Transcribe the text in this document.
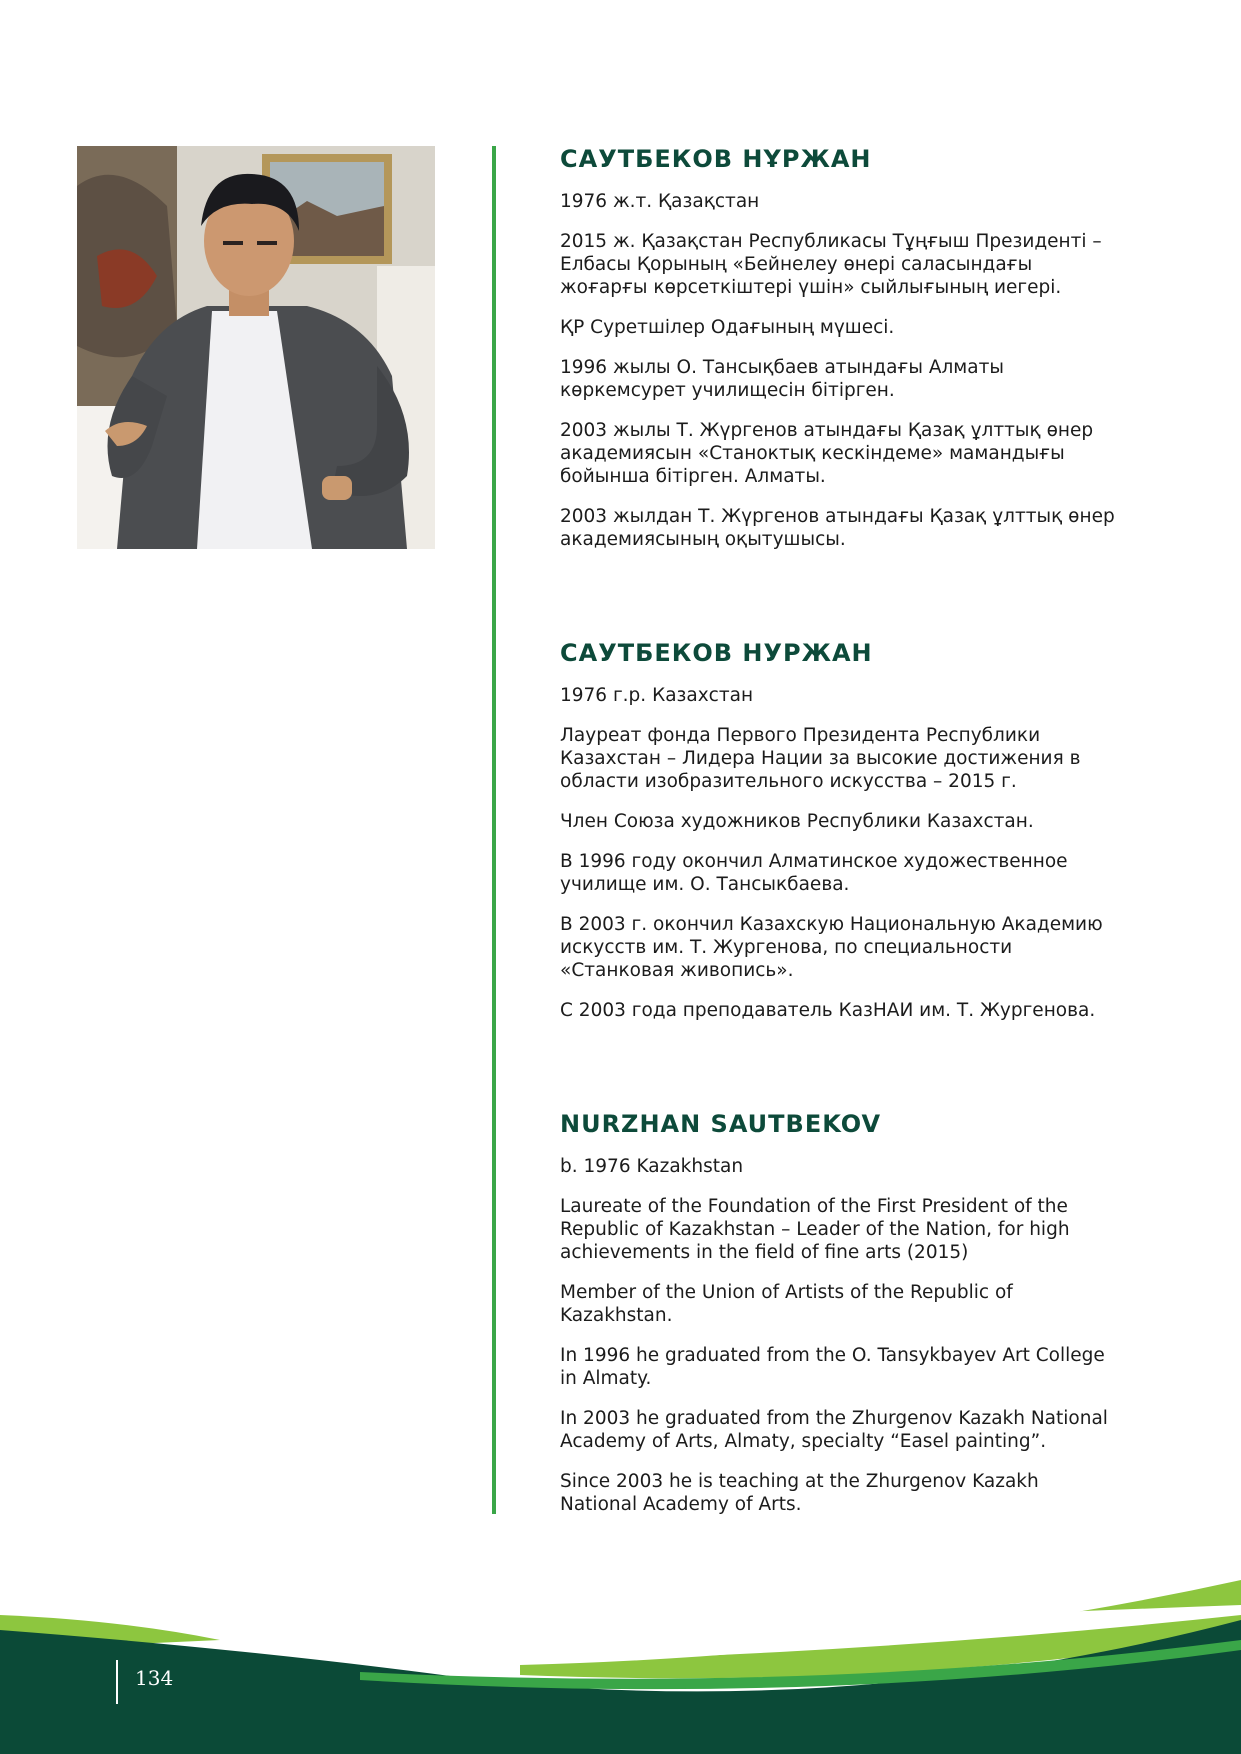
САУТБЕКОВ НҰРЖАН

1976 ж.т. Қазақстан

2015 ж. Қазақстан Республикасы Тұңғыш Президенті – Елбасы Қорының «Бейнелеу өнері саласындағы жоғарғы көрсеткіштері үшін» сыйлығының иегері.

ҚР Суретшілер Одағының мүшесі.

1996 жылы О. Тансықбаев атындағы Алматы көркемсурет училищесін бітірген.

2003 жылы Т. Жүргенов атындағы Қазақ ұлттық өнер академиясын «Станоктық кескіндеме» мамандығы бойынша бітірген. Алматы.

2003 жылдан Т. Жүргенов атындағы Қазақ ұлттық өнер академиясының оқытушысы.

САУТБЕКОВ НУРЖАН

1976 г.р. Казахстан

Лауреат фонда Первого Президента Республики Казахстан – Лидера Нации за высокие достижения в области изобразительного искусства – 2015 г.

Член Союза художников Республики Казахстан.

В 1996 году окончил Алматинское художественное училище им. О. Тансыкбаева.

В 2003 г. окончил Казахскую Национальную Академию искусств им. Т. Жургенова, по специальности «Станковая живопись».

С 2003 года преподаватель КазНАИ им. Т. Жургенова.

NURZHAN SAUTBEKOV

b. 1976 Kazakhstan

Laureate of the Foundation of the First President of the Republic of Kazakhstan – Leader of the Nation, for high achievements in the field of fine arts (2015)

Member of the Union of Artists of the Republic of Kazakhstan.

In 1996 he graduated from the O. Tansykbayev Art College in Almaty.

In 2003 he graduated from the Zhurgenov Kazakh National Academy of Arts, Almaty, specialty “Easel painting”.

Since 2003 he is teaching at the Zhurgenov Kazakh National Academy of Arts.

134
